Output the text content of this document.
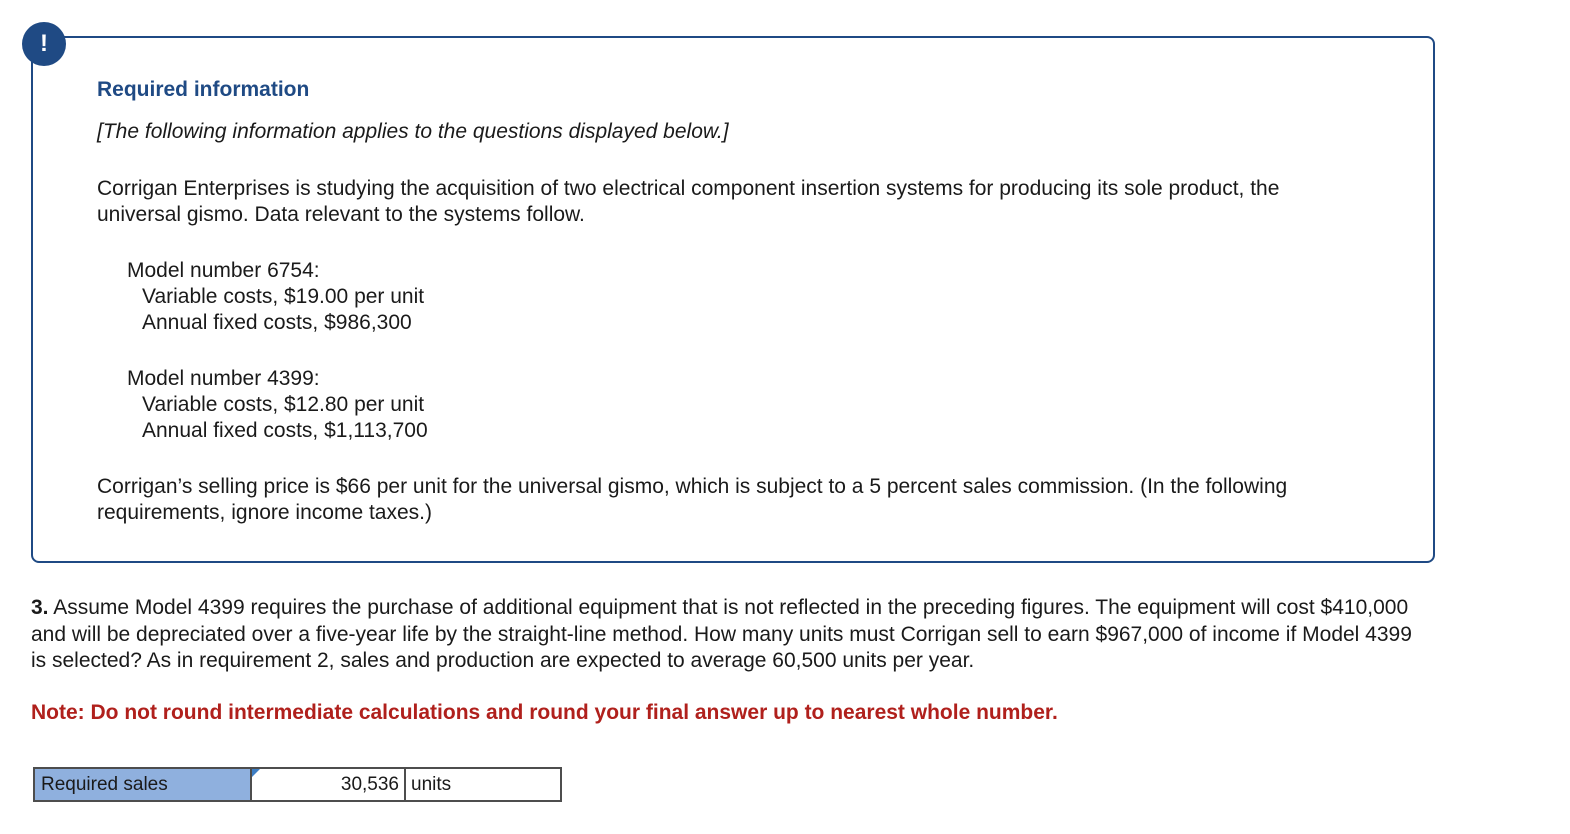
!
Required information

[The following information applies to the questions displayed below.]

Corrigan Enterprises is studying the acquisition of two electrical component insertion systems for producing its sole product, the universal gismo. Data relevant to the systems follow.

Model number 6754:
Variable costs, $19.00 per unit
Annual fixed costs, $986,300
Model number 4399:
Variable costs, $12.80 per unit
Annual fixed costs, $1,113,700

Corrigan’s selling price is $66 per unit for the universal gismo, which is subject to a 5 percent sales commission. (In the following requirements, ignore income taxes.)

3. Assume Model 4399 requires the purchase of additional equipment that is not reflected in the preceding figures. The equipment will cost $410,000 and will be depreciated over a five-year life by the straight-line method. How many units must Corrigan sell to earn $967,000 of income if Model 4399 is selected? As in requirement 2, sales and production are expected to average 60,500 units per year.

Note: Do not round intermediate calculations and round your final answer up to nearest whole number.

Required sales	30,536 units
